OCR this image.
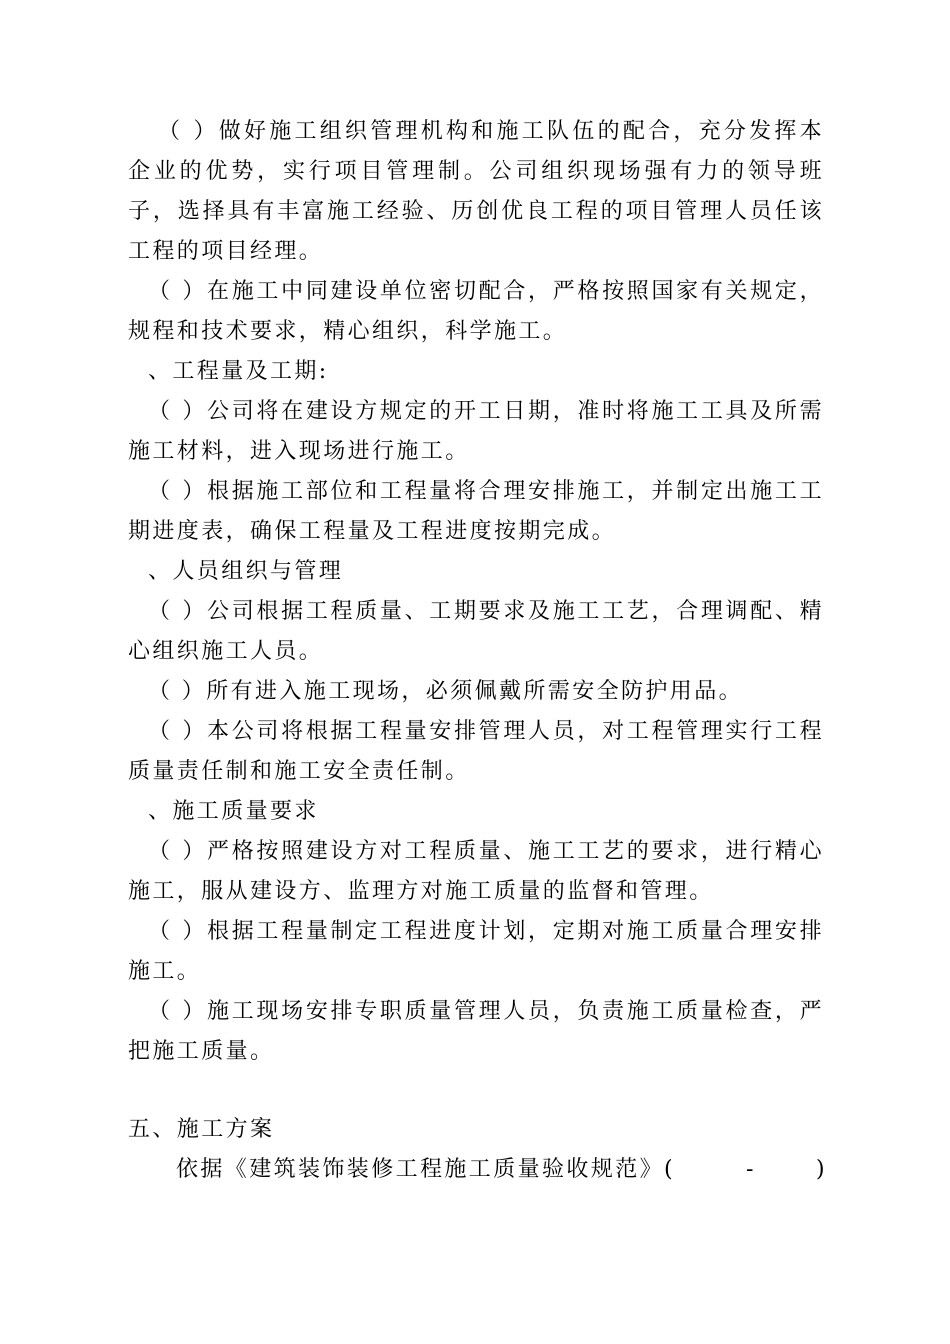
（ ）做好施工组织管理机构和施工队伍的配合，充分发挥本企业的优势，实行项目管理制。公司组织现场强有力的领导班子，选择具有丰富施工经验、历创优良工程的项目管理人员任该工程的项目经理。

（ ）在施工中同建设单位密切配合，严格按照国家有关规定，规程和技术要求，精心组织，科学施工。

、工程量及工期:

（ ）公司将在建设方规定的开工日期，准时将施工工具及所需施工材料，进入现场进行施工。

（ ）根据施工部位和工程量将合理安排施工，并制定出施工工期进度表，确保工程量及工程进度按期完成。

、人员组织与管理

（ ）公司根据工程质量、工期要求及施工工艺，合理调配、精心组织施工人员。

（ ）所有进入施工现场，必须佩戴所需安全防护用品。

（ ）本公司将根据工程量安排管理人员，对工程管理实行工程质量责任制和施工安全责任制。

、施工质量要求

（ ）严格按照建设方对工程质量、施工工艺的要求，进行精心施工，服从建设方、监理方对施工质量的监督和管理。

（ ）根据工程量制定工程进度计划，定期对施工质量合理安排施工。

（ ）施工现场安排专职质量管理人员，负责施工质量检查，严把施工质量。

五、施工方案

依据《建筑装饰装修工程施工质量验收规范》(	-	)
